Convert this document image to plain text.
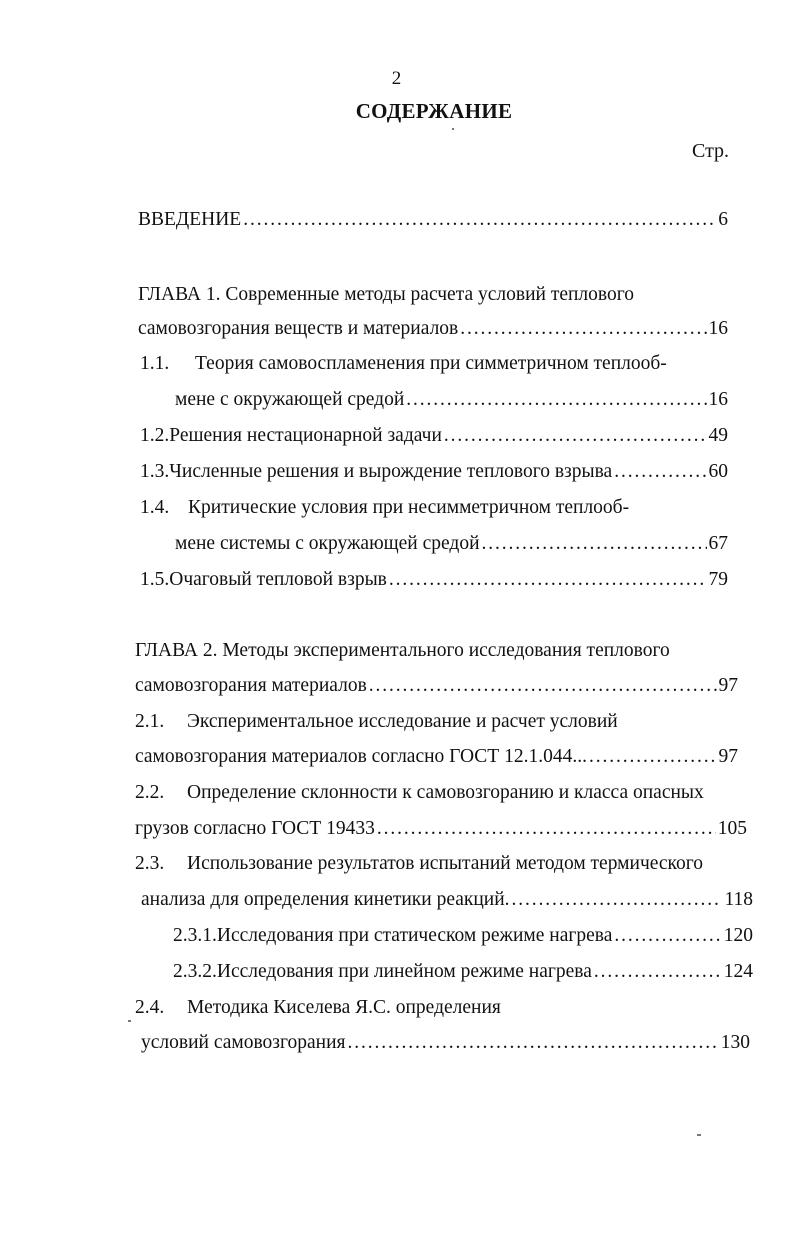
2
СОДЕРЖАНИЕ
Стр.
ВВЕДЕНИЕ . . .	6
ГЛАВА 1. Современные методы расчета условий теплового
самовозгорания веществ и материалов . . .	16
1.1.	Теория самовоспламенения при симметричном теплооб-
мене с окружающей средой . . .	16
1.2. Решения нестационарной задачи . . .	49
1.3. Численные решения и вырождение теплового взрыва . . .	60
1.4. Критические условия при несимметричном теплооб-
мене системы с окружающей средой . . .	67
1.5. Очаговый тепловой взрыв . . .	79
ГЛАВА 2. Методы экспериментального исследования теплового
самовозгорания материалов . . .	97
2.1.	Экспериментальное исследование и расчет условий
самовозгорания материалов согласно ГОСТ 12.1.044... . . .	97
2.2.	Определение склонности к самовозгоранию и класса опасных
грузов согласно ГОСТ 19433 . . .	105
2.3.	Использование результатов испытаний методом термического
анализа для определения кинетики реакций. . . .	118
2.3.1. Исследования при статическом режиме нагрева . . .	120
2.3.2. Исследования при линейном режиме нагрева . . .	124
2.4.	Методика Киселева Я.С. определения
условий самовозгорания . . .	130
